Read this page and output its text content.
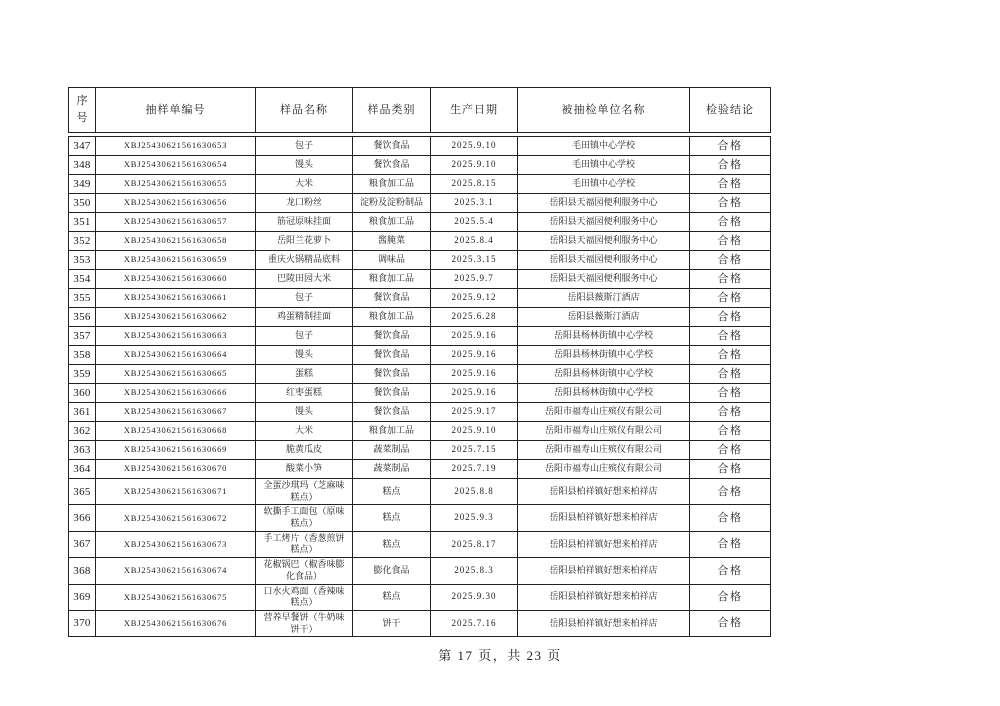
序号	抽样单编号	样品名称	样品类别	生产日期	被抽检单位名称	检验结论
347	XBJ25430621561630653	包子	餐饮食品	2025.9.10	毛田镇中心学校	合格
348	XBJ25430621561630654	馒头	餐饮食品	2025.9.10	毛田镇中心学校	合格
349	XBJ25430621561630655	大米	粮食加工品	2025.8.15	毛田镇中心学校	合格
350	XBJ25430621561630656	龙口粉丝	淀粉及淀粉制品	2025.3.1	岳阳县天福园便利服务中心	合格
351	XBJ25430621561630657	筋冠原味挂面	粮食加工品	2025.5.4	岳阳县天福园便利服务中心	合格
352	XBJ25430621561630658	岳阳兰花萝卜	酱腌菜	2025.8.4	岳阳县天福园便利服务中心	合格
353	XBJ25430621561630659	重庆火锅精品底料	调味品	2025.3.15	岳阳县天福园便利服务中心	合格
354	XBJ25430621561630660	巴陵田园大米	粮食加工品	2025.9.7	岳阳县天福园便利服务中心	合格
355	XBJ25430621561630661	包子	餐饮食品	2025.9.12	岳阳县薇斯汀酒店	合格
356	XBJ25430621561630662	鸡蛋精制挂面	粮食加工品	2025.6.28	岳阳县薇斯汀酒店	合格
357	XBJ25430621561630663	包子	餐饮食品	2025.9.16	岳阳县杨林街镇中心学校	合格
358	XBJ25430621561630664	馒头	餐饮食品	2025.9.16	岳阳县杨林街镇中心学校	合格
359	XBJ25430621561630665	蛋糕	餐饮食品	2025.9.16	岳阳县杨林街镇中心学校	合格
360	XBJ25430621561630666	红枣蛋糕	餐饮食品	2025.9.16	岳阳县杨林街镇中心学校	合格
361	XBJ25430621561630667	馒头	餐饮食品	2025.9.17	岳阳市福寿山庄殡仪有限公司	合格
362	XBJ25430621561630668	大米	粮食加工品	2025.9.10	岳阳市福寿山庄殡仪有限公司	合格
363	XBJ25430621561630669	脆黄瓜皮	蔬菜制品	2025.7.15	岳阳市福寿山庄殡仪有限公司	合格
364	XBJ25430621561630670	酸菜小笋	蔬菜制品	2025.7.19	岳阳市福寿山庄殡仪有限公司	合格
365	XBJ25430621561630671	全蛋沙琪玛（芝麻味糕点）	糕点	2025.8.8	岳阳县柏祥镇好想来柏祥店	合格
366	XBJ25430621561630672	软撕手工面包（原味糕点）	糕点	2025.9.3	岳阳县柏祥镇好想来柏祥店	合格
367	XBJ25430621561630673	手工烤片（香葱煎饼糕点）	糕点	2025.8.17	岳阳县柏祥镇好想来柏祥店	合格
368	XBJ25430621561630674	花椒锅巴（椒香味膨化食品）	膨化食品	2025.8.3	岳阳县柏祥镇好想来柏祥店	合格
369	XBJ25430621561630675	口水火鸡面（香辣味糕点）	糕点	2025.9.30	岳阳县柏祥镇好想来柏祥店	合格
370	XBJ25430621561630676	营养早餐饼（牛奶味饼干）	饼干	2025.7.16	岳阳县柏祥镇好想来柏祥店	合格
第 17 页，共 23 页
